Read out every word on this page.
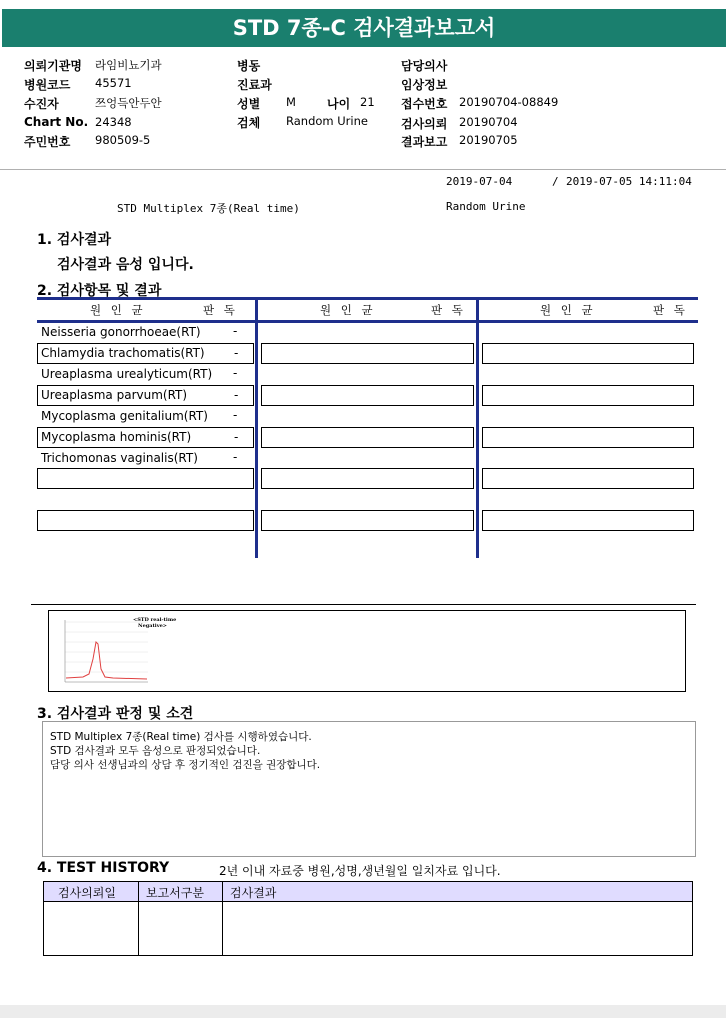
STD 7종-C 검사결과보고서
의뢰기관명 라임비뇨기과
병원코드 45571
수진자	쯔엉득안두안
Chart No. 24348
주민번호 980509-5
병동
진료과
성별 M	나이 21
검체 Random Urine
담당의사
임상정보
접수번호 20190704-08849
검사의뢰 20190704
결과보고 20190705
2019-07-04	/ 2019-07-05 14:11:04
STD Multiplex 7종(Real time)	Random Urine
1. 검사결과
검사결과 음성 입니다.
2. 검사항목 및 결과
원 인 균	판 독	원 인 균	판 독	원 인 균	판 독
Neisseria gonorrhoeae(RT)	-
Chlamydia trachomatis(RT) -
Ureaplasma urealyticum(RT) -
Ureaplasma parvum(RT)	-
Mycoplasma genitalium(RT) -
Mycoplasma hominis(RT)	-
Trichomonas vaginalis(RT)	-
<STD real-time
Negative>
3. 검사결과 판정 및 소견
STD Multiplex 7종(Real time) 검사를 시행하였습니다.
STD 검사결과 모두 음성으로 판정되었습니다.
담당 의사 선생님과의 상담 후 정기적인 검진을 권장합니다.
4. TEST HISTORY	2년 이내 자료중 병원,성명,생년월일 일치자료 입니다.
검사의뢰일	보고서구분 검사결과
